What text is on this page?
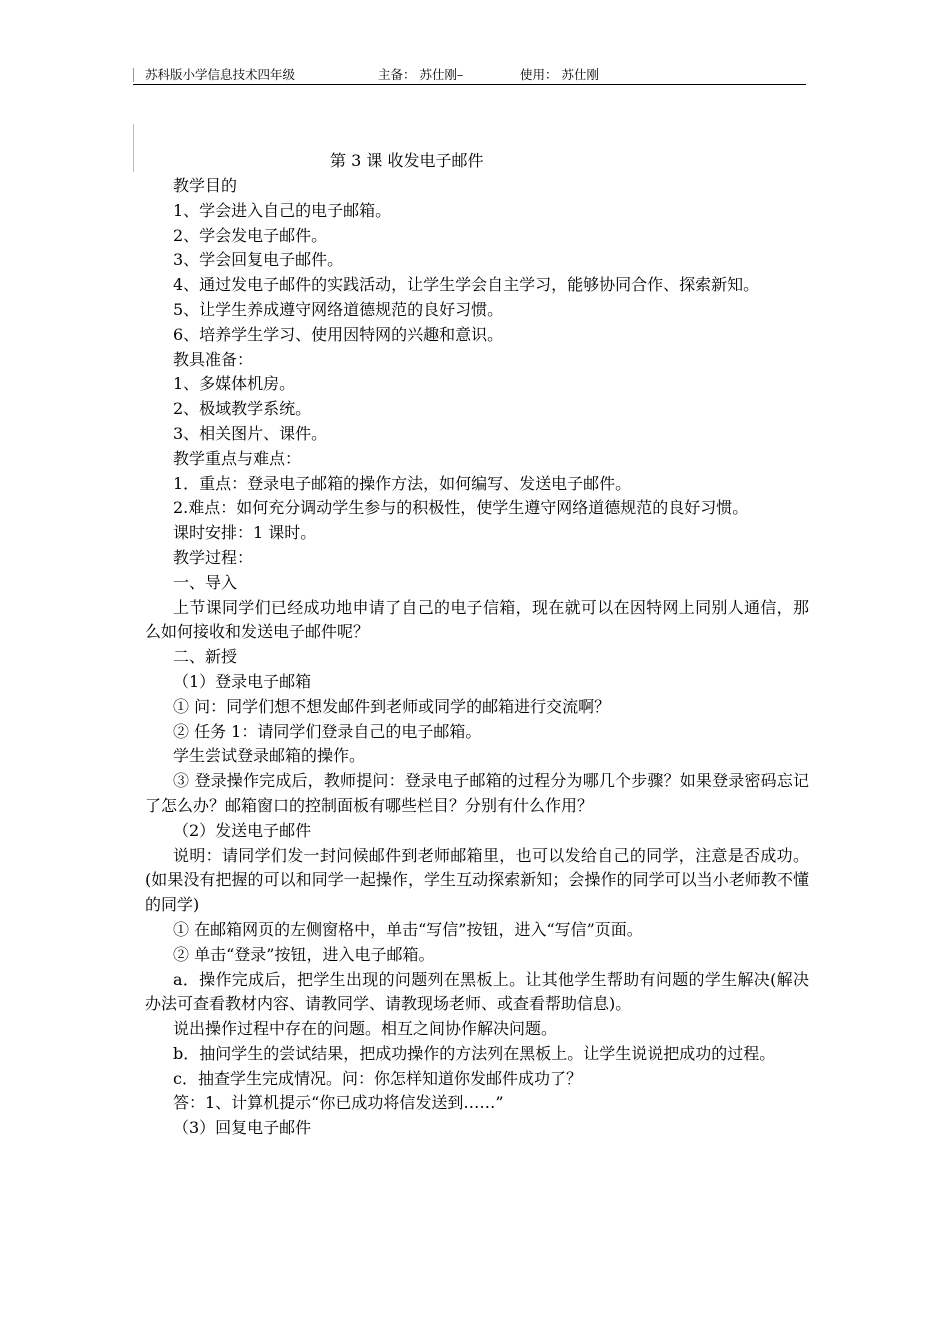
苏科版小学信息技术四年级	主备： 苏仕刚–	使用： 苏仕刚
第 3 课 收发电子邮件

教学目的

1、学会进入自己的电子邮箱。

2、学会发电子邮件。

3、学会回复电子邮件。

4、通过发电子邮件的实践活动，让学生学会自主学习，能够协同合作、探索新知。

5、让学生养成遵守网络道德规范的良好习惯。

6、培养学生学习、使用因特网的兴趣和意识。

教具准备：

1、多媒体机房。

2、极域教学系统。

3、相关图片、课件。

教学重点与难点：

1．重点：登录电子邮箱的操作方法，如何编写、发送电子邮件。

2.难点：如何充分调动学生参与的积极性，使学生遵守网络道德规范的良好习惯。

课时安排：1 课时。

教学过程：

一、导入

上节课同学们已经成功地申请了自己的电子信箱，现在就可以在因特网上同别人通信，那么如何接收和发送电子邮件呢？

二、新授

（1）登录电子邮箱

① 问：同学们想不想发邮件到老师或同学的邮箱进行交流啊？

② 任务 1：请同学们登录自己的电子邮箱。

学生尝试登录邮箱的操作。

③ 登录操作完成后，教师提问：登录电子邮箱的过程分为哪几个步骤？如果登录密码忘记了怎么办？邮箱窗口的控制面板有哪些栏目？分别有什么作用？

（2）发送电子邮件

说明：请同学们发一封问候邮件到老师邮箱里，也可以发给自己的同学，注意是否成功。(如果没有把握的可以和同学一起操作，学生互动探索新知；会操作的同学可以当小老师教不懂的同学)

① 在邮箱网页的左侧窗格中，单击“写信”按钮，进入“写信”页面。

② 单击“登录”按钮，进入电子邮箱。

a．操作完成后，把学生出现的问题列在黑板上。让其他学生帮助有问题的学生解决(解决办法可查看教材内容、请教同学、请教现场老师、或查看帮助信息)。

说出操作过程中存在的问题。相互之间协作解决问题。

b．抽问学生的尝试结果，把成功操作的方法列在黑板上。让学生说说把成功的过程。

c．抽查学生完成情况。问：你怎样知道你发邮件成功了？

答：1、计算机提示“你已成功将信发送到……”

（3）回复电子邮件
